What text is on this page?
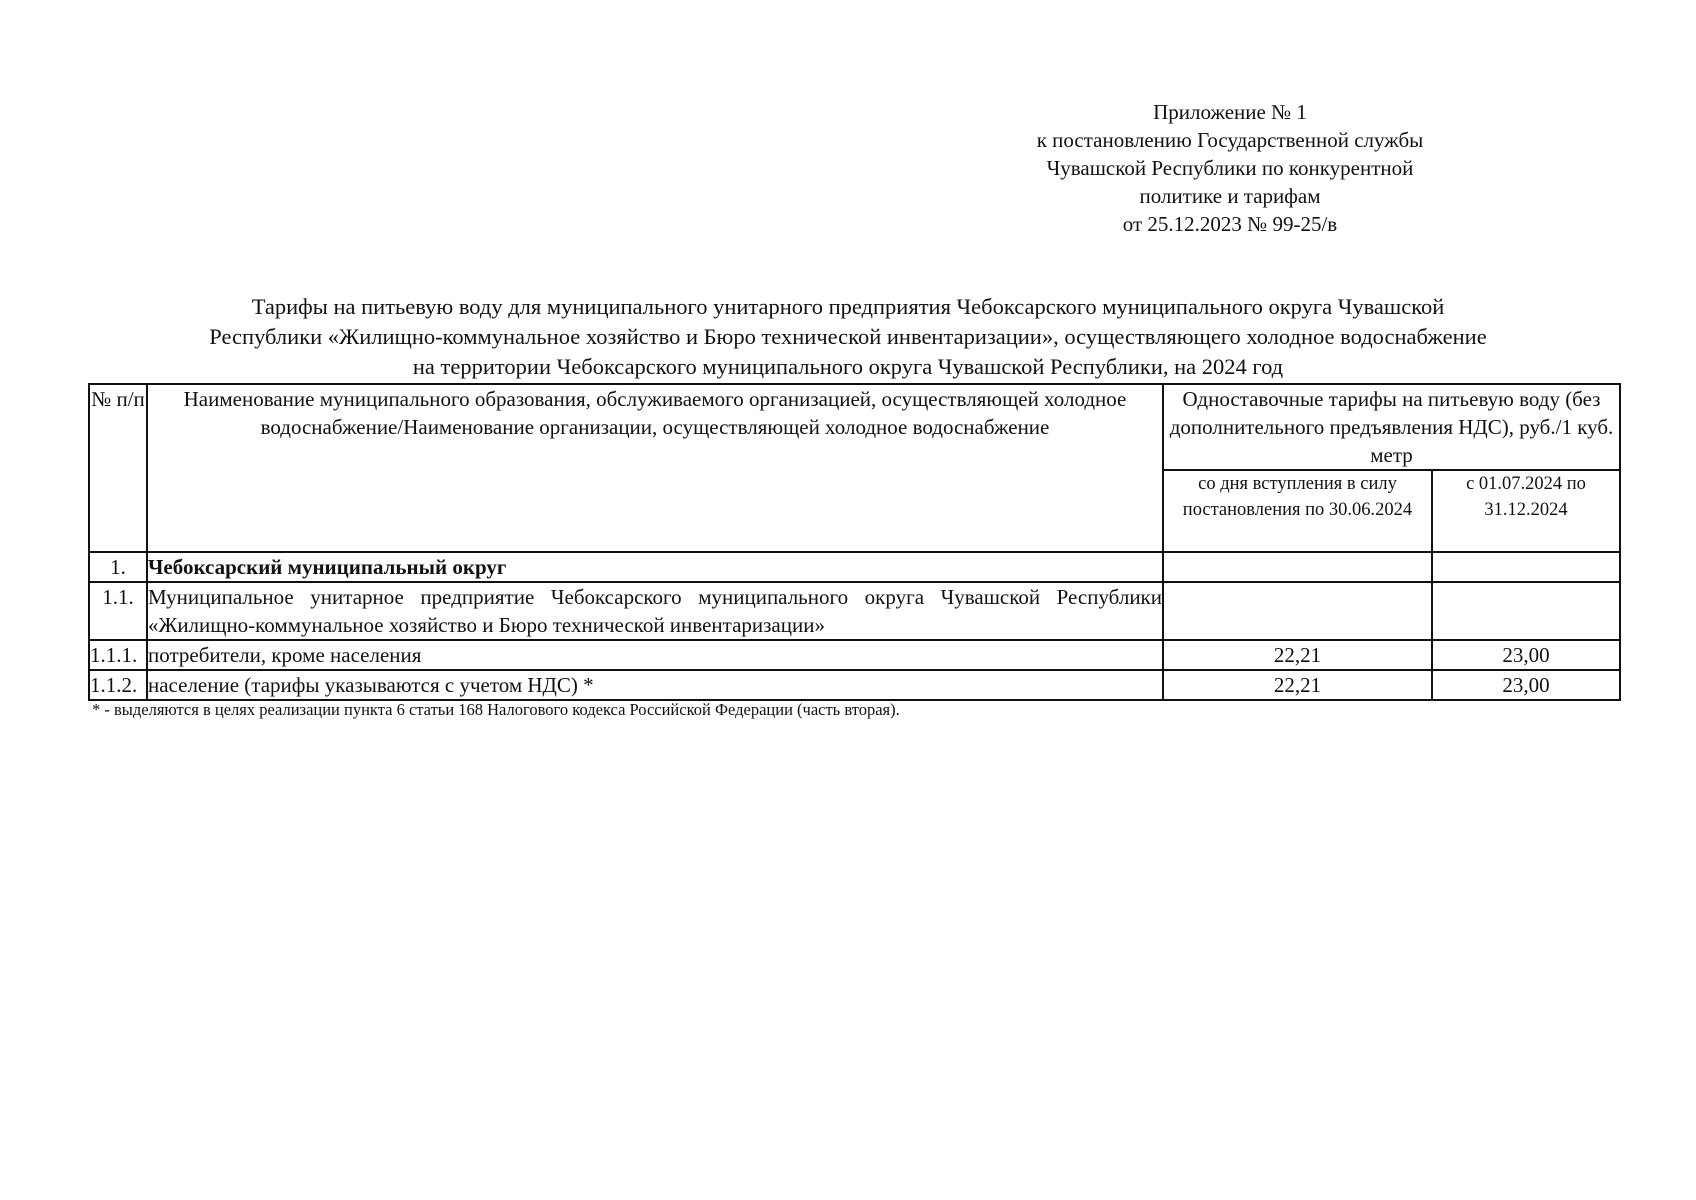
Приложение № 1
к постановлению Государственной службы
Чувашской Республики по конкурентной
политике и тарифам
от 25.12.2023 № 99-25/в
Тарифы на питьевую воду для муниципального унитарного предприятия Чебоксарского муниципального округа Чувашской
Республики «Жилищно-коммунальное хозяйство и Бюро технической инвентаризации», осуществляющего холодное водоснабжение
на территории Чебоксарского муниципального округа Чувашской Республики, на 2024 год
№ п/п	Наименование муниципального образования, обслуживаемого организацией, осуществляющей холодное водоснабжение/Наименование организации, осуществляющей холодное водоснабжение	Одноставочные тарифы на питьевую воду (без дополнительного предъявления НДС), руб./1 куб. метр	
		со дня вступления в силу постановления по 30.06.2024	с 01.07.2024 по 31.12.2024
1.	Чебоксарский муниципальный округ		
1.1.	Муниципальное унитарное предприятие Чебоксарского муниципального округа Чувашской Республики «Жилищно-коммунальное хозяйство и Бюро технической инвентаризации»		
1.1.1.	потребители, кроме населения	22,21	23,00
1.1.2.	население (тарифы указываются с учетом НДС) *	22,21	23,00
* - выделяются в целях реализации пункта 6 статьи 168 Налогового кодекса Российской Федерации (часть вторая).
